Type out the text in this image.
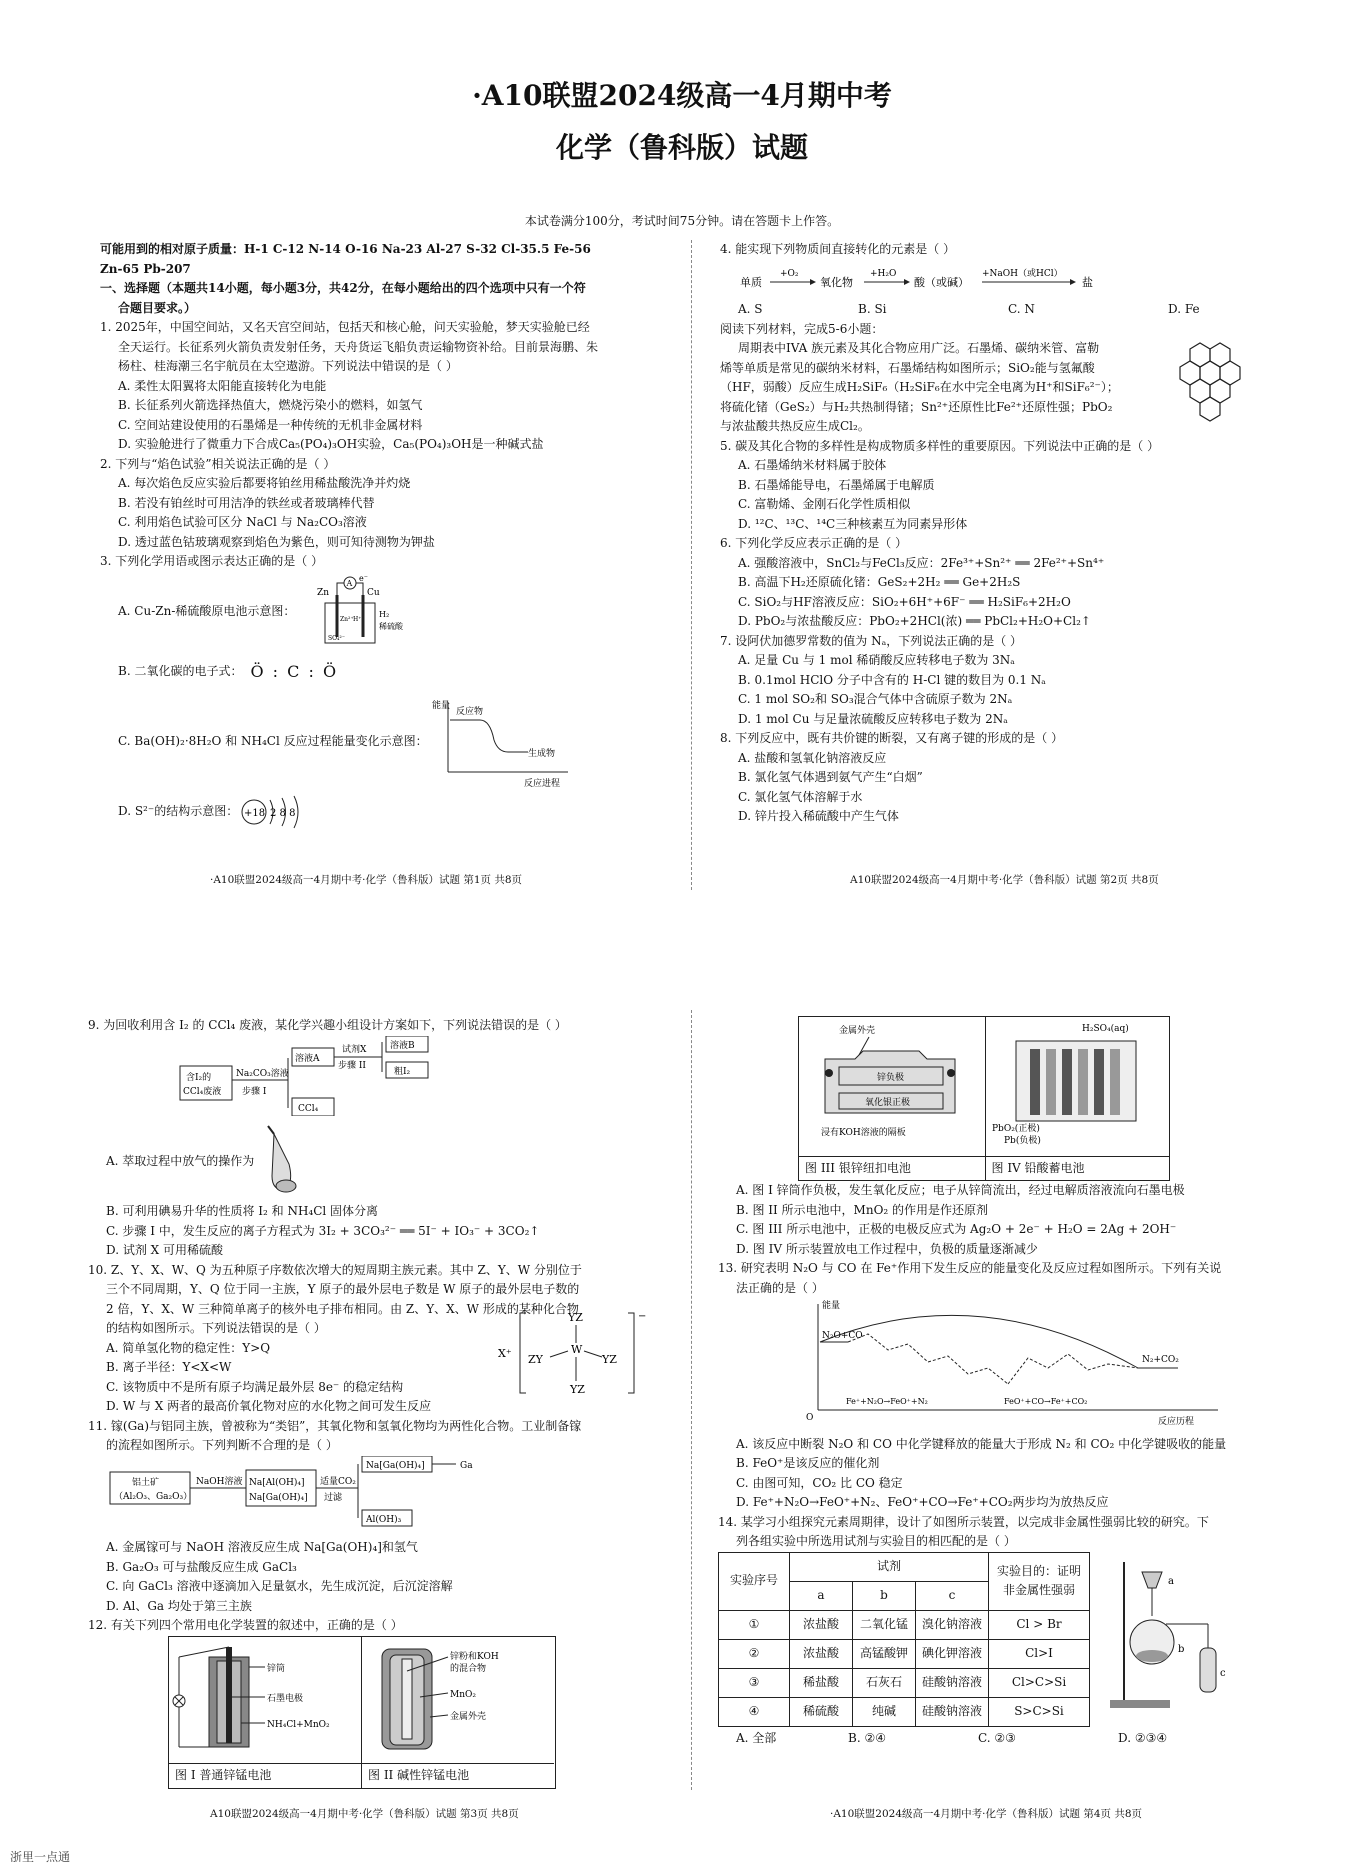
·A10联盟2024级高一4月期中考
化学（鲁科版）试题
本试卷满分100分，考试时间75分钟。请在答题卡上作答。

可能用到的相对原子质量：H-1 C-12 N-14 O-16 Na-23 Al-27 S-32 Cl-35.5 Fe-56

Zn-65 Pb-207

一、选择题（本题共14小题，每小题3分，共42分，在每小题给出的四个选项中只有一个符

合题目要求。）

1. 2025年，中国空间站，又名天宫空间站，包括天和核心舱，问天实验舱，梦天实验舱已经

全天运行。长征系列火箭负责发射任务，天舟货运飞船负责运输物资补给。目前景海鹏、朱

杨柱、桂海潮三名宇航员在太空遨游。下列说法中错误的是（ ）

A. 柔性太阳翼将太阳能直接转化为电能

B. 长征系列火箭选择热值大，燃烧污染小的燃料，如氢气

C. 空间站建设使用的石墨烯是一种传统的无机非金属材料

D. 实验舱进行了微重力下合成Ca₅(PO₄)₃OH实验，Ca₅(PO₄)₃OH是一种碱式盐

2. 下列与“焰色试验”相关说法正确的是（ ）

A. 每次焰色反应实验后都要将铂丝用稀盐酸洗净并灼烧

B. 若没有铂丝时可用洁净的铁丝或者玻璃棒代替

C. 利用焰色试验可区分 NaCl 与 Na₂CO₃溶液

D. 透过蓝色钴玻璃观察到焰色为紫色，则可知待测物为钾盐

3. 下列化学用语或图示表达正确的是（ ）

A. Cu-Zn-稀硫酸原电池示意图：
A
Zn	Cu
e⁻
H₂
稀硫酸
Zn²⁺ H⁺
SO₄²⁻
B. 二氧化碳的电子式： Ö : C : Ö
C. Ba(OH)₂·8H₂O 和 NH₄Cl 反应过程能量变化示意图：
能量
反应物
生成物
反应进程
D. S²⁻的结构示意图： +18 2 8 8
·A10联盟2024级高一4月期中考·化学（鲁科版）试题 第1页 共8页

4. 能实现下列物质间直接转化的元素是（ ）

单质
+O₂
氧化物
+H₂O
酸（或碱）
+NaOH（或HCl）
盐
A. S	B. Si	C. N	D. Fe

阅读下列材料，完成5-6小题：

周期表中IVA 族元素及其化合物应用广泛。石墨烯、碳纳米管、富勒

烯等单质是常见的碳纳米材料，石墨烯结构如图所示；SiO₂能与氢氟酸

（HF，弱酸）反应生成H₂SiF₆（H₂SiF₆在水中完全电离为H⁺和SiF₆²⁻）；

将硫化锗（GeS₂）与H₂共热制得锗；Sn²⁺还原性比Fe²⁺还原性强；PbO₂

与浓盐酸共热反应生成Cl₂。

5. 碳及其化合物的多样性是构成物质多样性的重要原因。下列说法中正确的是（ ）

A. 石墨烯纳米材料属于胶体

B. 石墨烯能导电，石墨烯属于电解质

C. 富勒烯、金刚石化学性质相似

D. ¹²C、¹³C、¹⁴C三种核素互为同素异形体

6. 下列化学反应表示正确的是（ ）

A. 强酸溶液中，SnCl₂与FeCl₃反应：2Fe³⁺+Sn²⁺ ══ 2Fe²⁺+Sn⁴⁺

B. 高温下H₂还原硫化锗：GeS₂+2H₂ ══ Ge+2H₂S

C. SiO₂与HF溶液反应：SiO₂+6H⁺+6F⁻ ══ H₂SiF₆+2H₂O

D. PbO₂与浓盐酸反应：PbO₂+2HCl(浓) ══ PbCl₂+H₂O+Cl₂↑

7. 设阿伏加德罗常数的值为 Nₐ，下列说法正确的是（ ）

A. 足量 Cu 与 1 mol 稀硝酸反应转移电子数为 3Nₐ

B. 0.1mol HClO 分子中含有的 H-Cl 键的数目为 0.1 Nₐ

C. 1 mol SO₂和 SO₃混合气体中含硫原子数为 2Nₐ

D. 1 mol Cu 与足量浓硫酸反应转移电子数为 2Nₐ

8. 下列反应中，既有共价键的断裂，又有离子键的形成的是（ ）

A. 盐酸和氢氧化钠溶液反应

B. 氯化氢气体遇到氨气产生“白烟”

C. 氯化氢气体溶解于水

D. 锌片投入稀硫酸中产生气体

A10联盟2024级高一4月期中考·化学（鲁科版）试题 第2页 共8页

9. 为回收利用含 I₂ 的 CCl₄ 废液，某化学兴趣小组设计方案如下，下列说法错误的是（ ）

含I₂的
CCl₄废液
Na₂CO₃溶液
步骤 I
溶液A
CCl₄
试剂X
步骤 II
溶液B
粗I₂
A. 萃取过程中放气的操作为

B. 可利用碘易升华的性质将 I₂ 和 NH₄Cl 固体分离

C. 步骤 I 中，发生反应的离子方程式为 3I₂ + 3CO₃²⁻ ══ 5I⁻ + IO₃⁻ + 3CO₂↑

D. 试剂 X 可用稀硫酸

10. Z、Y、X、W、Q 为五种原子序数依次增大的短周期主族元素。其中 Z、Y、W 分别位于

三个不同周期，Y、Q 位于同一主族，Y 原子的最外层电子数是 W 原子的最外层电子数的

2 倍，Y、X、W 三种简单离子的核外电子排布相同。由 Z、Y、X、W 形成的某种化合物

的结构如图所示。下列说法错误的是（ ）

A. 简单氢化物的稳定性：Y>Q

B. 离子半径：Y<X<W

C. 该物质中不是所有原子均满足最外层 8e⁻ 的稳定结构

D. W 与 X 两者的最高价氧化物对应的水化物之间可发生反应

X⁺
−
YZ
ZY
W
YZ
YZ

11. 镓(Ga)与铝同主族，曾被称为“类铝”，其氧化物和氢氧化物均为两性化合物。工业制备镓

的流程如图所示。下列判断不合理的是（ ）

铝土矿
（Al₂O₃、Ga₂O₃）
NaOH溶液 Na[Al(OH)₄]
Na[Ga(OH)₄]
适量CO₂
过滤
Na[Ga(OH)₄]	Ga
Al(OH)₃

A. 金属镓可与 NaOH 溶液反应生成 Na[Ga(OH)₄]和氢气

B. Ga₂O₃ 可与盐酸反应生成 GaCl₃

C. 向 GaCl₃ 溶液中逐滴加入足量氨水，先生成沉淀，后沉淀溶解

D. Al、Ga 均处于第三主族

12. 有关下列四个常用电化学装置的叙述中，正确的是（ ）

锌筒
石墨电极
NH₄Cl+MnO₂
图 I 普通锌锰电池
锌粉和KOH
的混合物
MnO₂
金属外壳
图 II 碱性锌锰电池
A10联盟2024级高一4月期中考·化学（鲁科版）试题 第3页 共8页
金属外壳
锌负极
氧化银正极
浸有KOH溶液的隔板
图 III 银锌纽扣电池
H₂SO₄(aq)
PbO₂(正极)
Pb(负极)
图 IV 铅酸蓄电池

A. 图 I 锌筒作负极，发生氧化反应；电子从锌筒流出，经过电解质溶液流向石墨电极

B. 图 II 所示电池中，MnO₂ 的作用是作还原剂

C. 图 III 所示电池中，正极的电极反应式为 Ag₂O + 2e⁻ + H₂O = 2Ag + 2OH⁻

D. 图 IV 所示装置放电工作过程中，负极的质量逐渐减少

13. 研究表明 N₂O 与 CO 在 Fe⁺作用下发生反应的能量变化及反应过程如图所示。下列有关说

法正确的是（ ）

能量
O
N₂O+CO
N₂+CO₂
Fe⁺+N₂O→FeO⁺+N₂	FeO⁺+CO→Fe⁺+CO₂
反应历程

A. 该反应中断裂 N₂O 和 CO 中化学键释放的能量大于形成 N₂ 和 CO₂ 中化学键吸收的能量

B. FeO⁺是该反应的催化剂

C. 由图可知，CO₂ 比 CO 稳定

D. Fe⁺+N₂O→FeO⁺+N₂、FeO⁺+CO→Fe⁺+CO₂两步均为放热反应

14. 某学习小组探究元素周期律，设计了如图所示装置，以完成非金属性强弱比较的研究。下

列各组实验中所选用试剂与实验目的相匹配的是（ ）

实验序号	试剂			实验目的：证明
非金属性强弱
	a	b	c	
①	浓盐酸	二氧化锰	溴化钠溶液	Cl > Br
②	浓盐酸	高锰酸钾	碘化钾溶液	Cl>I
③	稀盐酸	石灰石	硅酸钠溶液	Cl>C>Si
④	稀硫酸	纯碱	硅酸钠溶液	S>C>Si
a
b
c
A. 全部	B. ②④	C. ②③	D. ②③④
·A10联盟2024级高一4月期中考·化学（鲁科版）试题 第4页 共8页
浙里一点通
